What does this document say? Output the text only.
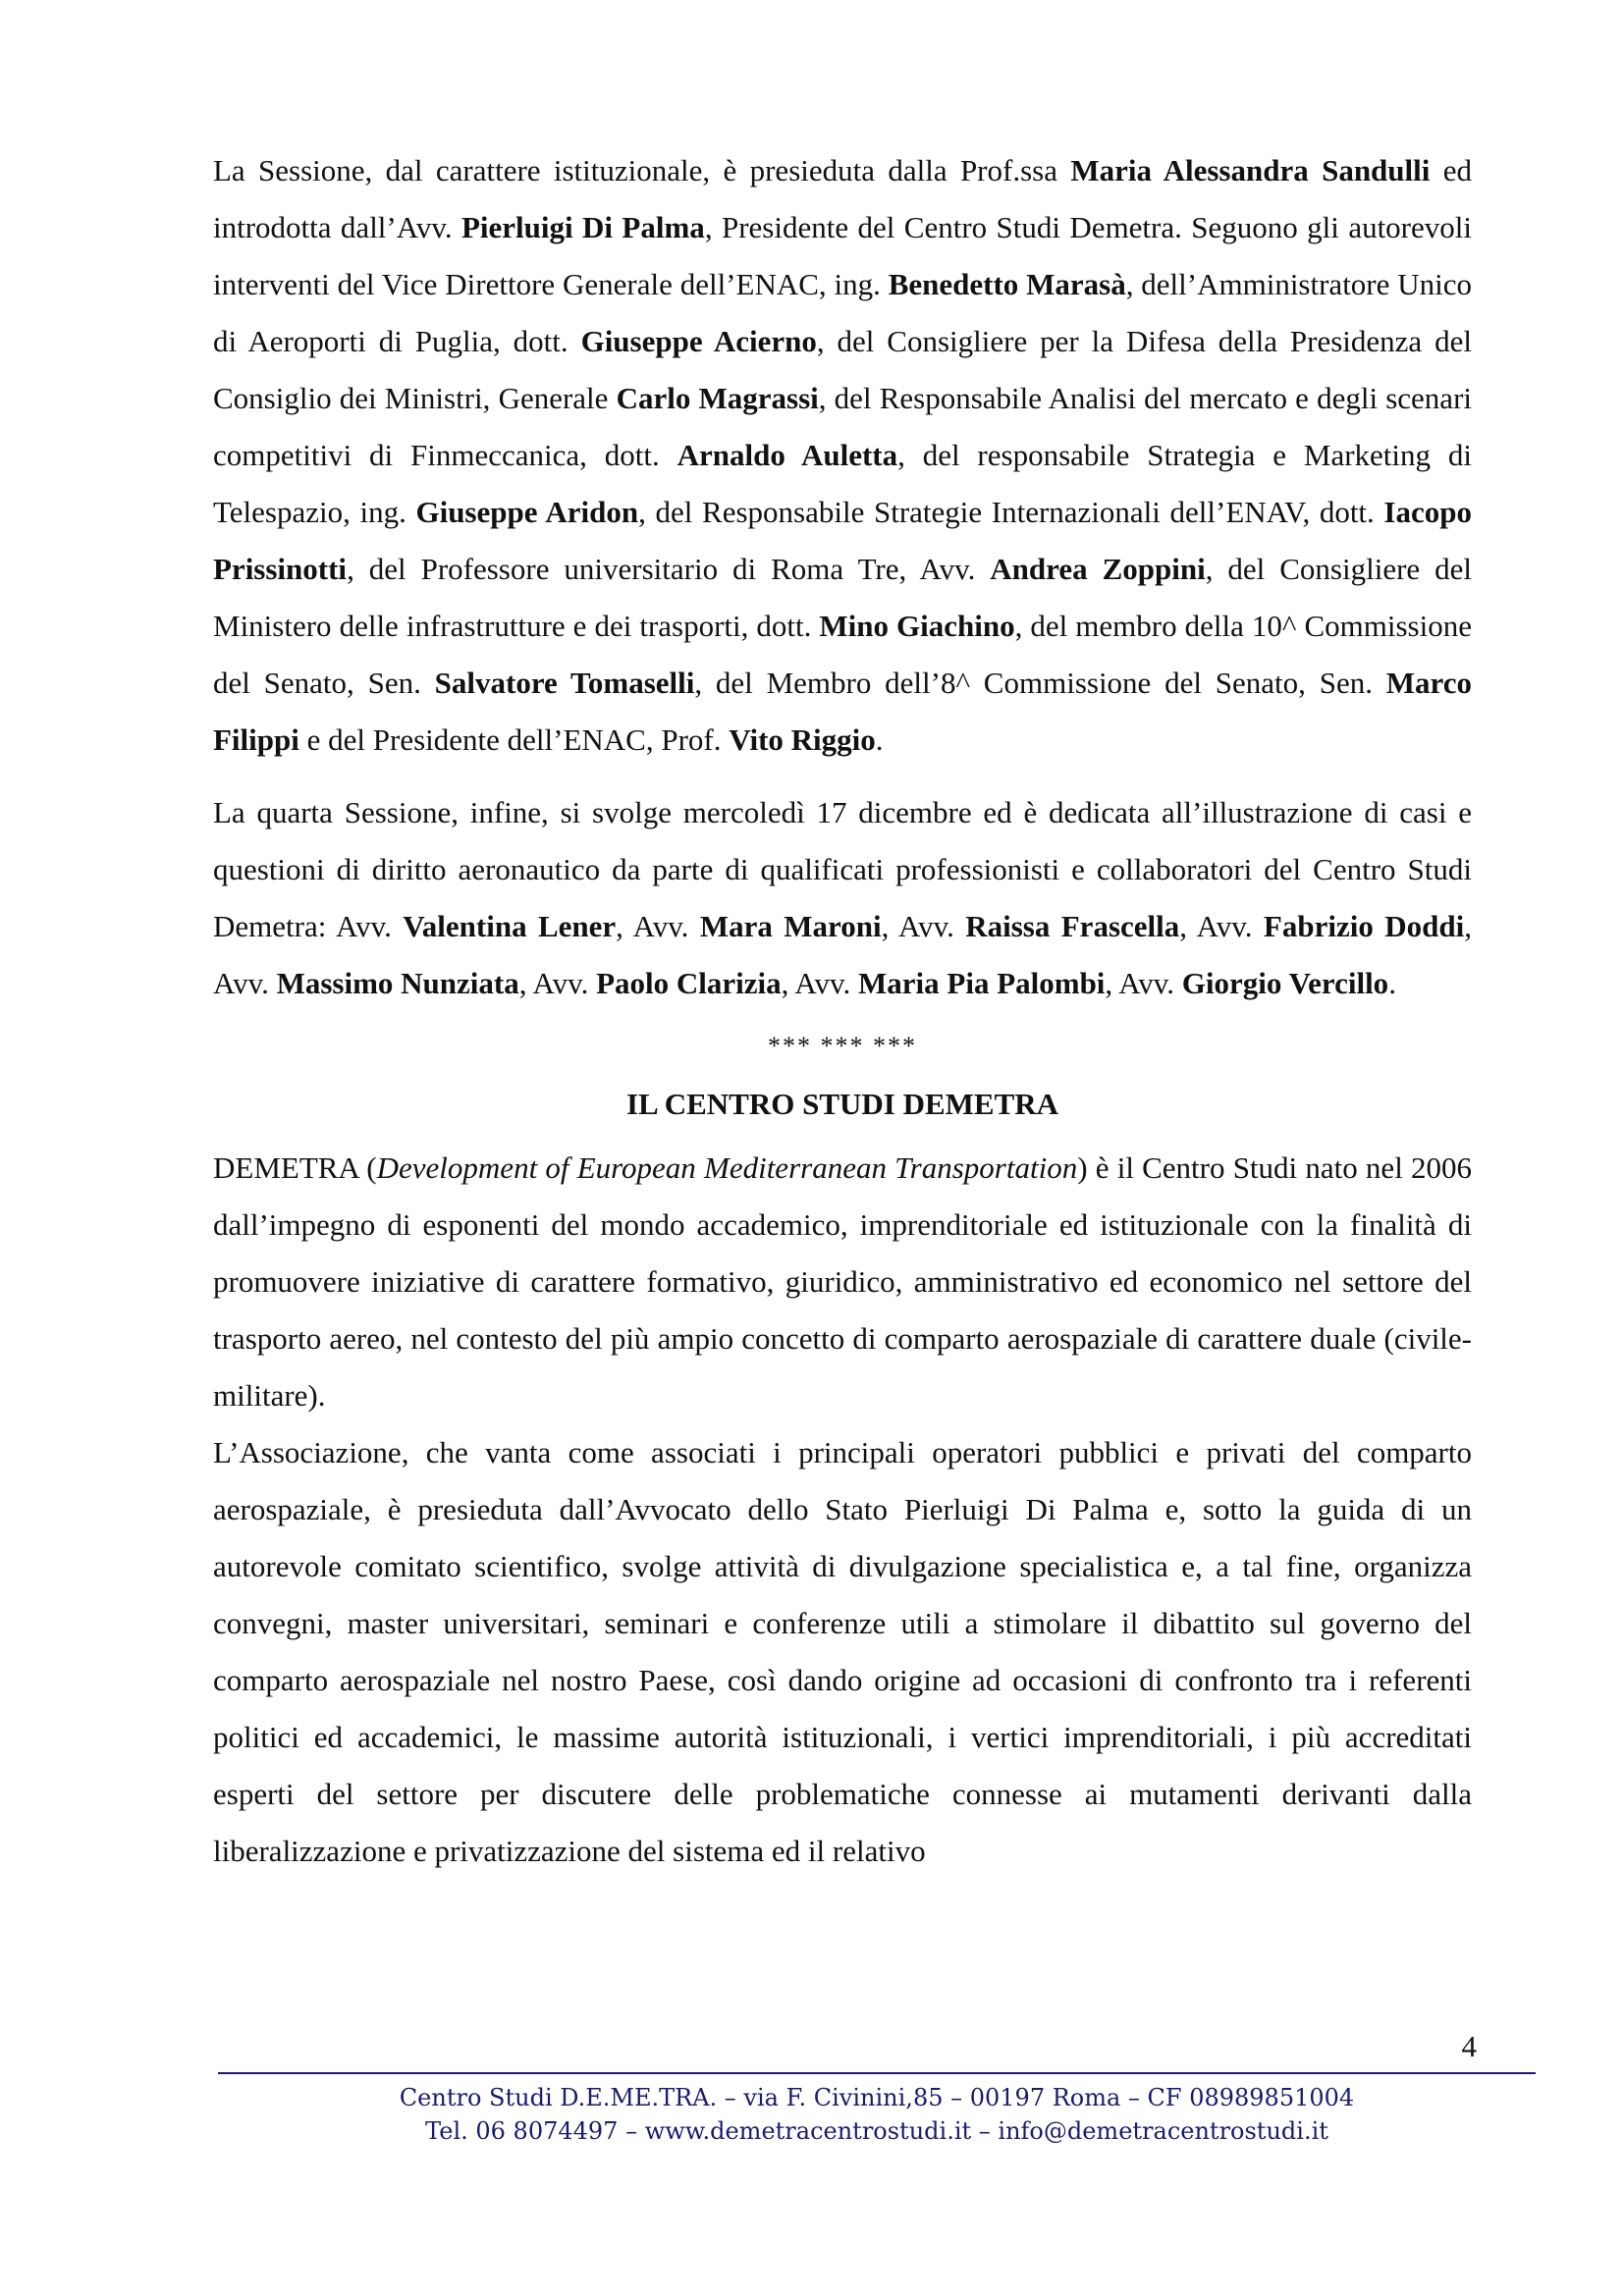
La Sessione, dal carattere istituzionale, è presieduta dalla Prof.ssa Maria Alessandra Sandulli ed introdotta dall’Avv. Pierluigi Di Palma, Presidente del Centro Studi Demetra. Seguono gli autorevoli interventi del Vice Direttore Generale dell’ENAC, ing. Benedetto Marasà, dell’Amministratore Unico di Aeroporti di Puglia, dott. Giuseppe Acierno, del Consigliere per la Difesa della Presidenza del Consiglio dei Ministri, Generale Carlo Magrassi, del Responsabile Analisi del mercato e degli scenari competitivi di Finmeccanica, dott. Arnaldo Auletta, del responsabile Strategia e Marketing di Telespazio, ing. Giuseppe Aridon, del Responsabile Strategie Internazionali dell’ENAV, dott. Iacopo Prissinotti, del Professore universitario di Roma Tre, Avv. Andrea Zoppini, del Consigliere del Ministero delle infrastrutture e dei trasporti, dott. Mino Giachino, del membro della 10^ Commissione del Senato, Sen. Salvatore Tomaselli, del Membro dell’8^ Commissione del Senato, Sen. Marco Filippi e del Presidente dell’ENAC, Prof. Vito Riggio.

La quarta Sessione, infine, si svolge mercoledì 17 dicembre ed è dedicata all’illustrazione di casi e questioni di diritto aeronautico da parte di qualificati professionisti e collaboratori del Centro Studi Demetra: Avv. Valentina Lener, Avv. Mara Maroni, Avv. Raissa Frascella, Avv. Fabrizio Doddi, Avv. Massimo Nunziata, Avv. Paolo Clarizia, Avv. Maria Pia Palombi, Avv. Giorgio Vercillo.

*** *** ***

IL CENTRO STUDI DEMETRA

DEMETRA (Development of European Mediterranean Transportation) è il Centro Studi nato nel 2006 dall’impegno di esponenti del mondo accademico, imprenditoriale ed istituzionale con la finalità di promuovere iniziative di carattere formativo, giuridico, amministrativo ed economico nel settore del trasporto aereo, nel contesto del più ampio concetto di comparto aerospaziale di carattere duale (civile-militare).

L’Associazione, che vanta come associati i principali operatori pubblici e privati del comparto aerospaziale, è presieduta dall’Avvocato dello Stato Pierluigi Di Palma e, sotto la guida di un autorevole comitato scientifico, svolge attività di divulgazione specialistica e, a tal fine, organizza convegni, master universitari, seminari e conferenze utili a stimolare il dibattito sul governo del comparto aerospaziale nel nostro Paese, così dando origine ad occasioni di confronto tra i referenti politici ed accademici, le massime autorità istituzionali, i vertici imprenditoriali, i più accreditati esperti del settore per discutere delle problematiche connesse ai mutamenti derivanti dalla liberalizzazione e privatizzazione del sistema ed il relativo

4
Centro Studi D.E.ME.TRA. – via F. Civinini,85 – 00197 Roma – CF 08989851004
Tel. 06 8074497 – www.demetracentrostudi.it – info@demetracentrostudi.it
